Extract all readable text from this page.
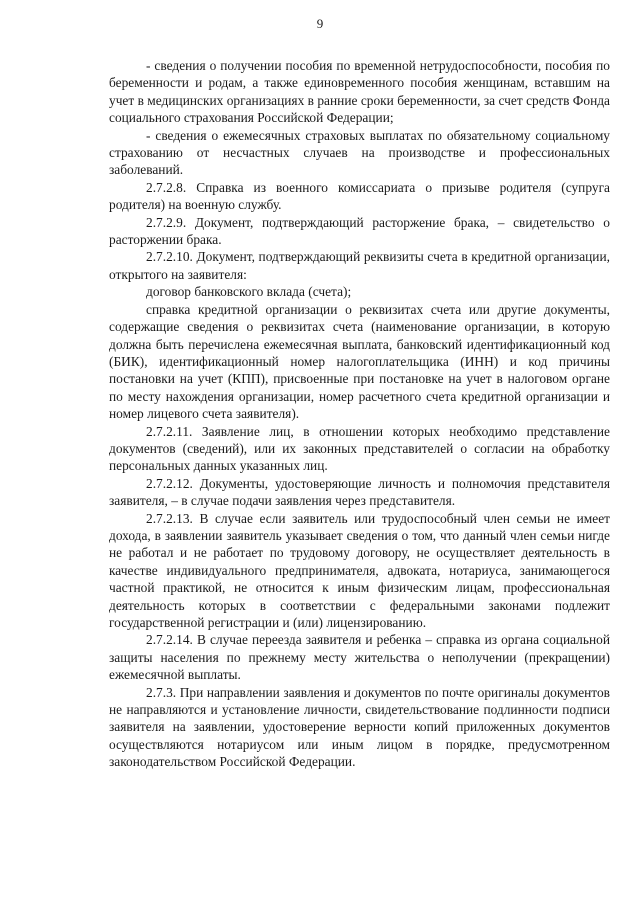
9

- сведения о получении пособия по временной нетрудоспособности, пособия по беременности и родам, а также единовременного пособия женщинам, вставшим на учет в медицинских организациях в ранние сроки беременности, за счет средств Фонда социального страхования Российской Федерации;

- сведения о ежемесячных страховых выплатах по обязательному социальному страхованию от несчастных случаев на производстве и профессиональных заболеваний.

2.7.2.8. Справка из военного комиссариата о призыве родителя (супруга родителя) на военную службу.

2.7.2.9. Документ, подтверждающий расторжение брака, – свидетельство о расторжении брака.

2.7.2.10. Документ, подтверждающий реквизиты счета в кредитной организации, открытого на заявителя:

договор банковского вклада (счета);

справка кредитной организации о реквизитах счета или другие документы, содержащие сведения о реквизитах счета (наименование организации, в которую должна быть перечислена ежемесячная выплата, банковский идентификационный код (БИК), идентификационный номер налогоплательщика (ИНН) и код причины постановки на учет (КПП), присвоенные при постановке на учет в налоговом органе по месту нахождения организации, номер расчетного счета кредитной организации и номер лицевого счета заявителя).

2.7.2.11. Заявление лиц, в отношении которых необходимо представление документов (сведений), или их законных представителей о согласии на обработку персональных данных указанных лиц.

2.7.2.12. Документы, удостоверяющие личность и полномочия представителя заявителя, – в случае подачи заявления через представителя.

2.7.2.13. В случае если заявитель или трудоспособный член семьи не имеет дохода, в заявлении заявитель указывает сведения о том, что данный член семьи нигде не работал и не работает по трудовому договору, не осуществляет деятельность в качестве индивидуального предпринимателя, адвоката, нотариуса, занимающегося частной практикой, не относится к иным физическим лицам, профессиональная деятельность которых в соответствии с федеральными законами подлежит государственной регистрации и (или) лицензированию.

2.7.2.14. В случае переезда заявителя и ребенка – справка из органа социальной защиты населения по прежнему месту жительства о неполучении (прекращении) ежемесячной выплаты.

2.7.3. При направлении заявления и документов по почте оригиналы документов не направляются и установление личности, свидетельствование подлинности подписи заявителя на заявлении, удостоверение верности копий приложенных документов осуществляются нотариусом или иным лицом в порядке, предусмотренном законодательством Российской Федерации.
